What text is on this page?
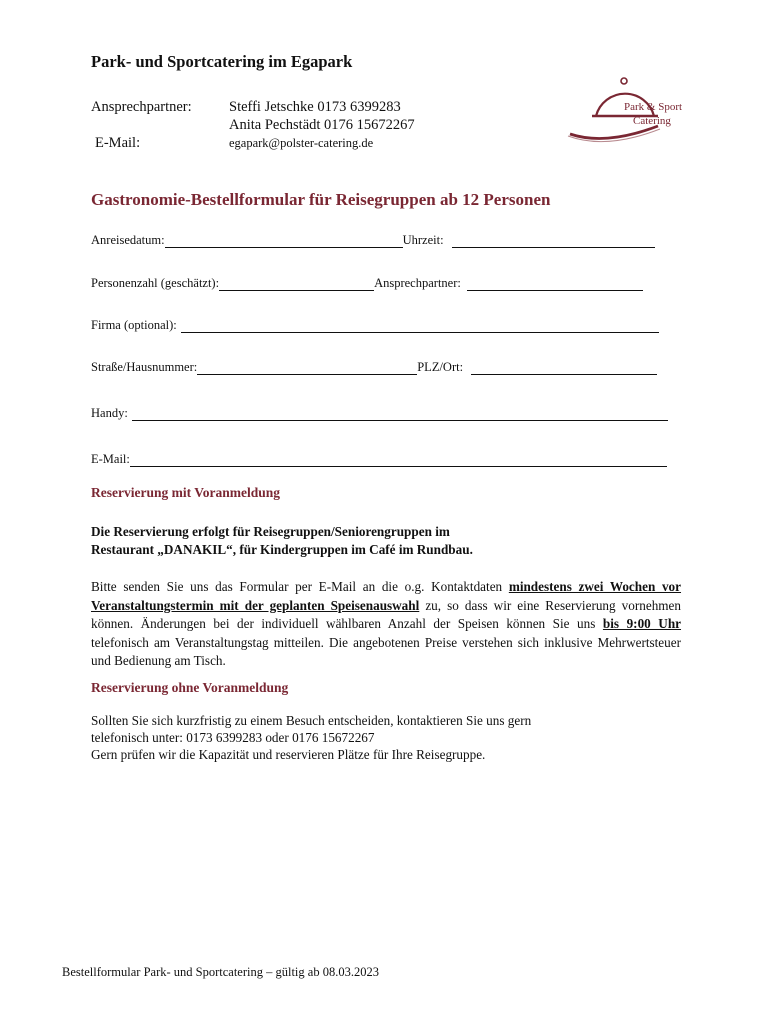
Park- und Sportcatering im Egapark
Ansprechpartner:	Steffi Jetschke 0173 6399283
Anita Pechstädt 0176 15672267
E-Mail:	egapark@polster-catering.de
Park & Sport
Catering
Gastronomie-Bestellformular für Reisegruppen ab 12 Personen
Anreisedatum:	Uhrzeit:
Personenzahl (geschätzt):	Ansprechpartner:
Firma (optional):
Straße/Hausnummer:	PLZ/Ort:
Handy:
E-Mail:
Reservierung mit Voranmeldung
Die Reservierung erfolgt für Reisegruppen/Seniorengruppen im
Restaurant „DANAKIL“, für Kindergruppen im Café im Rundbau.
Bitte senden Sie uns das Formular per E-Mail an die o.g. Kontaktdaten mindestens zwei Wochen vor Veranstaltungstermin mit der geplanten Speisenauswahl zu, so dass wir eine Reservierung vornehmen können. Änderungen bei der individuell wählbaren Anzahl der Speisen können Sie uns bis 9:00 Uhr telefonisch am Veranstaltungstag mitteilen. Die angebotenen Preise verstehen sich inklusive Mehrwertsteuer und Bedienung am Tisch.
Reservierung ohne Voranmeldung
Sollten Sie sich kurzfristig zu einem Besuch entscheiden, kontaktieren Sie uns gern
telefonisch unter: 0173 6399283 oder 0176 15672267
Gern prüfen wir die Kapazität und reservieren Plätze für Ihre Reisegruppe.
Bestellformular Park- und Sportcatering – gültig ab 08.03.2023
